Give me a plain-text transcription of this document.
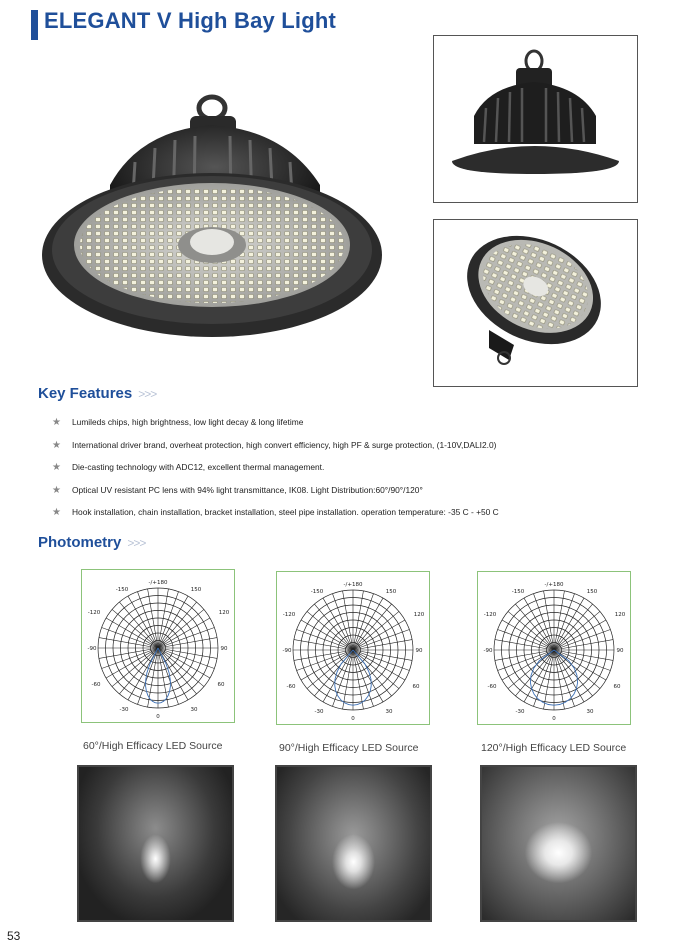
ELEGANT V High Bay Light
Key Features >>>
★ Lumileds chips, high brightness, low light decay & long lifetime
★ International driver brand, overheat protection, high convert efficiency, high PF & surge protection, (1-10V,DALI2.0)
★ Die-casting technology with ADC12, excellent thermal management.
★ Optical UV resistant PC lens with 94% light transmittance, IK08. Light Distribution:60°/90°/120°
★ Hook installation, chain installation, bracket installation, steel pipe installation. operation temperature: -35 C - +50 C
Photometry >>>
-/+180
-150	150
-120	120
-90	90
-60	60
-30	30
0
-/+180
-150	150
-120	120
-90	90
-60	60
-30	30
0
-/+180
-150	150
-120	120
-90	90
-60	60
-30	30
0
60°/High Efficacy LED Source	90°/High Efficacy LED Source	120°/High Efficacy LED Source
53
